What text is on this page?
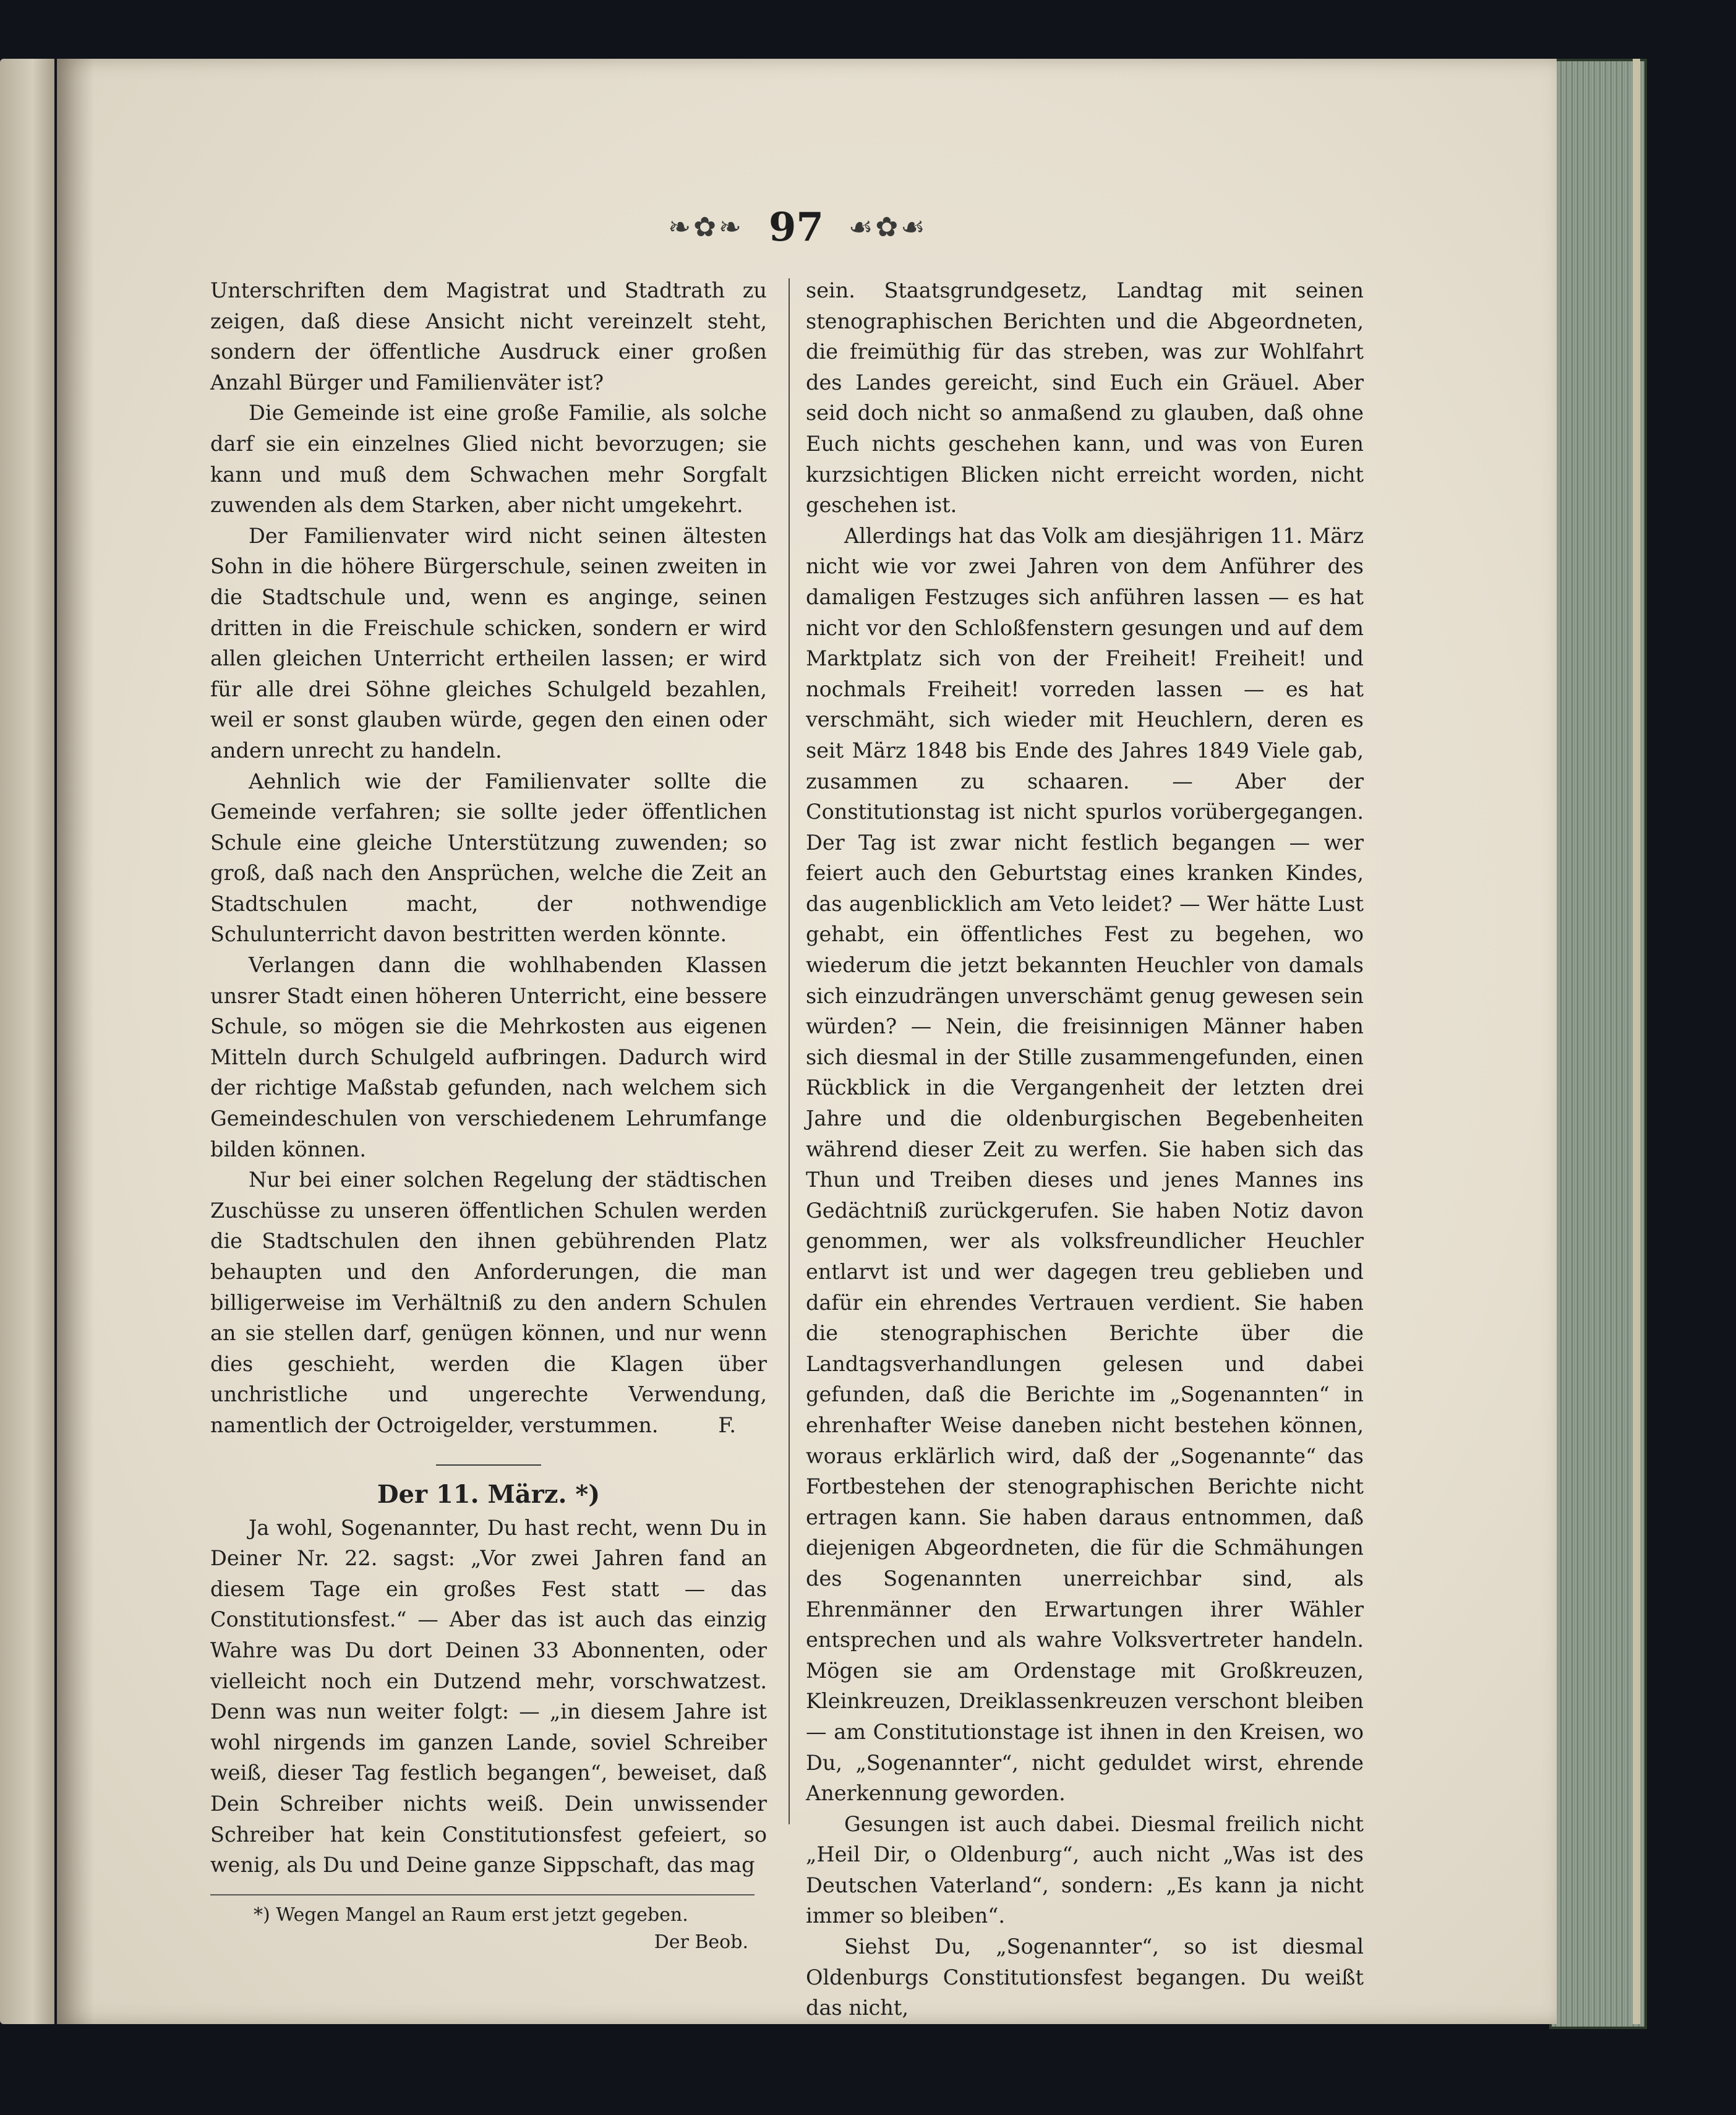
❧✿❧ 97 ☙✿☙

Unterschriften dem Magistrat und Stadtrath zu zeigen, daß diese Ansicht nicht vereinzelt steht, sondern der öffentliche Ausdruck einer großen Anzahl Bürger und Familienväter ist?

Die Gemeinde ist eine große Familie, als solche darf sie ein einzelnes Glied nicht bevorzugen; sie kann und muß dem Schwachen mehr Sorgfalt zuwenden als dem Starken, aber nicht umgekehrt.

Der Familienvater wird nicht seinen ältesten Sohn in die höhere Bürgerschule, seinen zweiten in die Stadtschule und, wenn es anginge, seinen dritten in die Freischule schicken, sondern er wird allen gleichen Unterricht ertheilen lassen; er wird für alle drei Söhne gleiches Schulgeld bezahlen, weil er sonst glauben würde, gegen den einen oder andern unrecht zu handeln.

Aehnlich wie der Familienvater sollte die Gemeinde verfahren; sie sollte jeder öffentlichen Schule eine gleiche Unterstützung zuwenden; so groß, daß nach den Ansprüchen, welche die Zeit an Stadtschulen macht, der nothwendige Schulunterricht davon bestritten werden könnte.

Verlangen dann die wohlhabenden Klassen unsrer Stadt einen höheren Unterricht, eine bessere Schule, so mögen sie die Mehrkosten aus eigenen Mitteln durch Schulgeld aufbringen. Dadurch wird der richtige Maßstab gefunden, nach welchem sich Gemeindeschulen von verschiedenem Lehrumfange bilden können.

Nur bei einer solchen Regelung der städtischen Zuschüsse zu unseren öffentlichen Schulen werden die Stadtschulen den ihnen gebührenden Platz behaupten und den Anforderungen, die man billigerweise im Verhältniß zu den andern Schulen an sie stellen darf, genügen können, und nur wenn dies geschieht, werden die Klagen über unchristliche und ungerechte Verwendung, namentlich der Octroigelder, verstummen.	F.

Der 11. März. *)

Ja wohl, Sogenannter, Du hast recht, wenn Du in Deiner Nr. 22. sagst: „Vor zwei Jahren fand an diesem Tage ein großes Fest statt — das Constitutionsfest.“ — Aber das ist auch das einzig Wahre was Du dort Deinen 33 Abonnenten, oder vielleicht noch ein Dutzend mehr, vorschwatzest. Denn was nun weiter folgt: — „in diesem Jahre ist wohl nirgends im ganzen Lande, soviel Schreiber weiß, dieser Tag festlich begangen“, beweiset, daß Dein Schreiber nichts weiß. Dein unwissender Schreiber hat kein Constitutionsfest gefeiert, so wenig, als Du und Deine ganze Sippschaft, das mag

*) Wegen Mangel an Raum erst jetzt gegeben.

Der Beob.

sein. Staatsgrundgesetz, Landtag mit seinen stenographischen Berichten und die Abgeordneten, die freimüthig für das streben, was zur Wohlfahrt des Landes gereicht, sind Euch ein Gräuel. Aber seid doch nicht so anmaßend zu glauben, daß ohne Euch nichts geschehen kann, und was von Euren kurzsichtigen Blicken nicht erreicht worden, nicht geschehen ist.

Allerdings hat das Volk am diesjährigen 11. März nicht wie vor zwei Jahren von dem Anführer des damaligen Festzuges sich anführen lassen — es hat nicht vor den Schloßfenstern gesungen und auf dem Marktplatz sich von der Freiheit! Freiheit! und nochmals Freiheit! vorreden lassen — es hat verschmäht, sich wieder mit Heuchlern, deren es seit März 1848 bis Ende des Jahres 1849 Viele gab, zusammen zu schaaren. — Aber der Constitutionstag ist nicht spurlos vorübergegangen. Der Tag ist zwar nicht festlich begangen — wer feiert auch den Geburtstag eines kranken Kindes, das augenblicklich am Veto leidet? — Wer hätte Lust gehabt, ein öffentliches Fest zu begehen, wo wiederum die jetzt bekannten Heuchler von damals sich einzudrängen unverschämt genug gewesen sein würden? — Nein, die freisinnigen Männer haben sich diesmal in der Stille zusammengefunden, einen Rückblick in die Vergangenheit der letzten drei Jahre und die oldenburgischen Begebenheiten während dieser Zeit zu werfen. Sie haben sich das Thun und Treiben dieses und jenes Mannes ins Gedächtniß zurückgerufen. Sie haben Notiz davon genommen, wer als volksfreundlicher Heuchler entlarvt ist und wer dagegen treu geblieben und dafür ein ehrendes Vertrauen verdient. Sie haben die stenographischen Berichte über die Landtagsverhandlungen gelesen und dabei gefunden, daß die Berichte im „Sogenannten“ in ehrenhafter Weise daneben nicht bestehen können, woraus erklärlich wird, daß der „Sogenannte“ das Fortbestehen der stenographischen Berichte nicht ertragen kann. Sie haben daraus entnommen, daß diejenigen Abgeordneten, die für die Schmähungen des Sogenannten unerreichbar sind, als Ehrenmänner den Erwartungen ihrer Wähler entsprechen und als wahre Volksvertreter handeln. Mögen sie am Ordenstage mit Großkreuzen, Kleinkreuzen, Dreiklassenkreuzen verschont bleiben — am Constitutionstage ist ihnen in den Kreisen, wo Du, „Sogenannter“, nicht geduldet wirst, ehrende Anerkennung geworden.

Gesungen ist auch dabei. Diesmal freilich nicht „Heil Dir, o Oldenburg“, auch nicht „Was ist des Deutschen Vaterland“, sondern: „Es kann ja nicht immer so bleiben“.

Siehst Du, „Sogenannter“, so ist diesmal Oldenburgs Constitutionsfest begangen. Du weißt das nicht,
